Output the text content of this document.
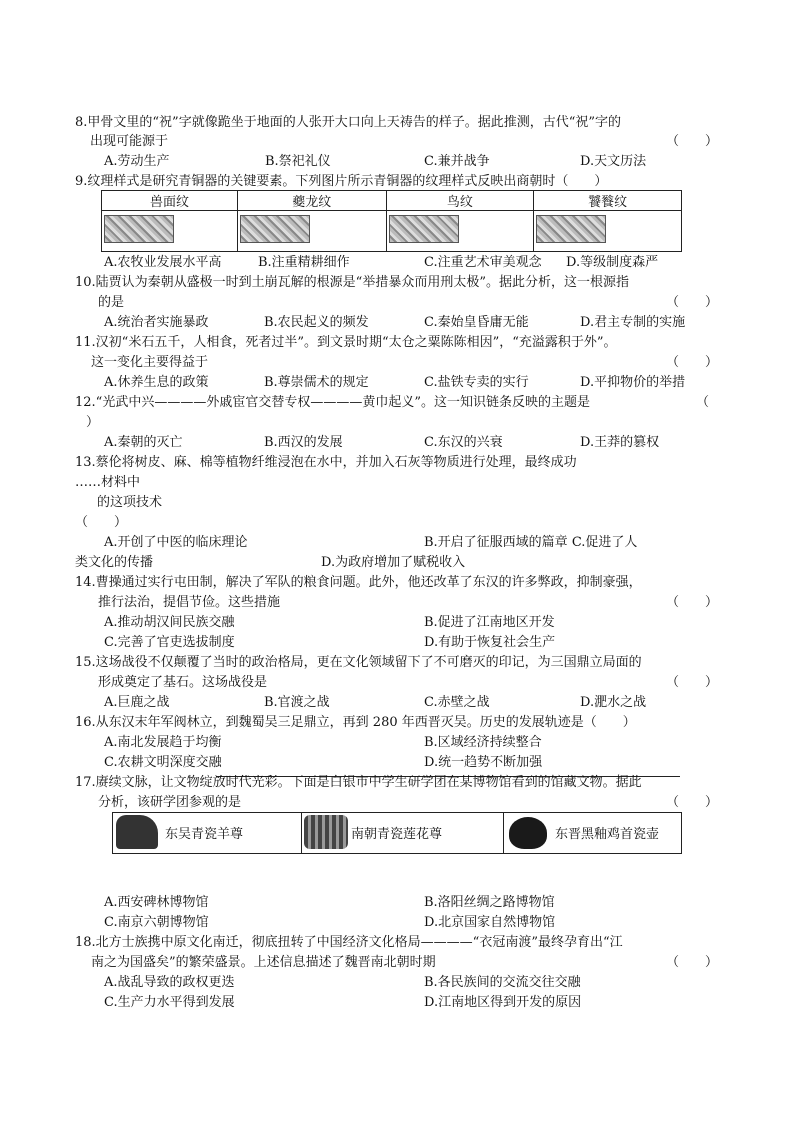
8.甲骨文里的“祝”字就像跪坐于地面的人张开大口向上天祷告的样子。据此推测，古代“祝”字的
出现可能源于	（　　）
A.劳动生产	B.祭祀礼仪	C.兼并战争	D.天文历法
9.纹理样式是研究青铜器的关键要素。下列图片所示青铜器的纹理样式反映出商朝时（　　）
兽面纹	夔龙纹	鸟纹	饕餮纹

A.农牧业发展水平高	B.注重精耕细作	C.注重艺术审美观念 D.等级制度森严
10.陆贾认为秦朝从盛极一时到土崩瓦解的根源是“举措暴众而用刑太极”。据此分析，这一根源指
的是	（　　）
A.统治者实施暴政	B.农民起义的频发	C.秦始皇昏庸无能	D.君主专制的实施
11.汉初“米石五千，人相食，死者过半”。到文景时期“太仓之粟陈陈相因”，“充溢露积于外”。
这一变化主要得益于	（　　）
A.休养生息的政策	B.尊崇儒术的规定	C.盐铁专卖的实行	D.平抑物价的举措
12.“光武中兴————外戚宦官交替专权————黄巾起义”。这一知识链条反映的主题是	（
）
A.秦朝的灭亡	B.西汉的发展	C.东汉的兴衰	D.王莽的篡权
13.蔡伦将树皮、麻、棉等植物纤维浸泡在水中，并加入石灰等物质进行处理，最终成功
……材料中
的这项技术
（　　）
A.开创了中医的临床理论	B.开启了征服西域的篇章 C.促进了人
类文化的传播	D.为政府增加了赋税收入
14.曹操通过实行屯田制，解决了军队的粮食问题。此外，他还改革了东汉的许多弊政，抑制豪强，
推行法治，提倡节俭。这些措施	（　　）
A.推动胡汉间民族交融	B.促进了江南地区开发
C.完善了官吏选拔制度	D.有助于恢复社会生产
15.这场战役不仅颠覆了当时的政治格局，更在文化领域留下了不可磨灭的印记，为三国鼎立局面的
形成奠定了基石。这场战役是	（　　）
A.巨鹿之战	B.官渡之战	C.赤壁之战	D.淝水之战
16.从东汉末年军阀林立，到魏蜀吴三足鼎立，再到 280 年西晋灭吴。历史的发展轨迹是（　　）
A.南北发展趋于均衡	B.区域经济持续整合
C.农耕文明深度交融	D.统一趋势不断加强
17.赓续文脉，让文物绽放时代光彩。下面是白银市中学生研学团在某博物馆看到的馆藏文物。据此
分析，该研学团参观的是	（　　）
东吴青瓷羊尊	南朝青瓷莲花尊	东晋黑釉鸡首瓷壶
A.西安碑林博物馆	B.洛阳丝绸之路博物馆
C.南京六朝博物馆	D.北京国家自然博物馆
18.北方士族携中原文化南迁，彻底扭转了中国经济文化格局————“衣冠南渡”最终孕育出“江
南之为国盛矣”的繁荣盛景。上述信息描述了魏晋南北朝时期	（　　）
A.战乱导致的政权更迭	B.各民族间的交流交往交融
C.生产力水平得到发展	D.江南地区得到开发的原因
